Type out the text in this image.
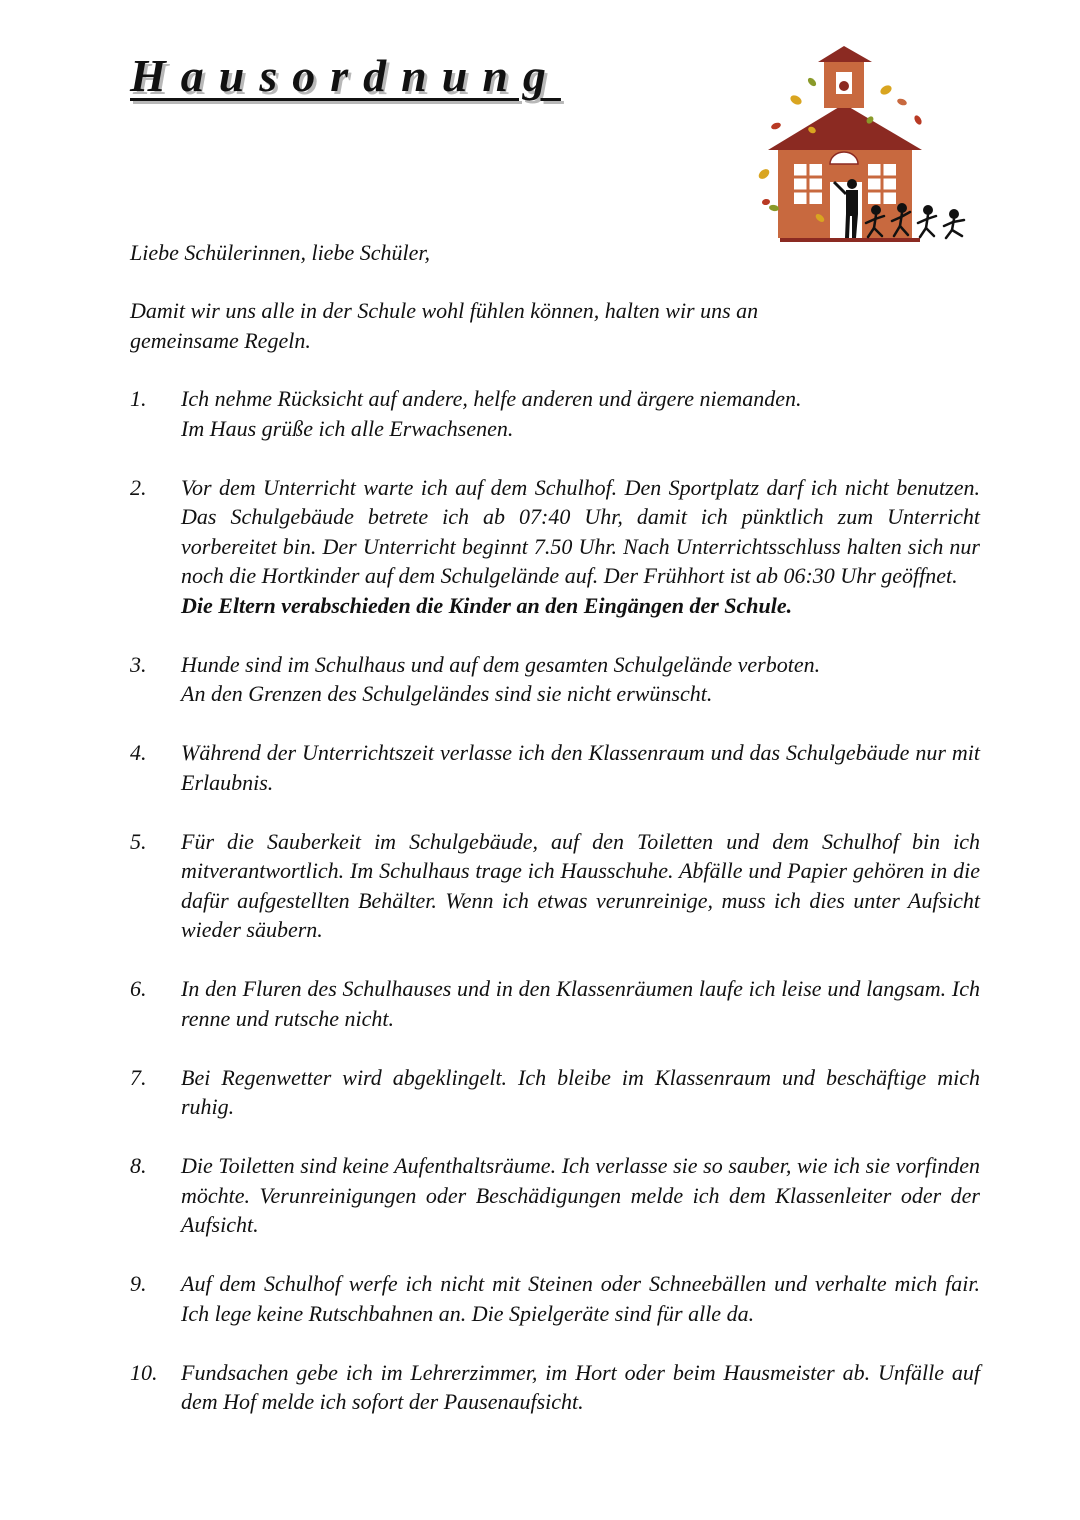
Hausordnung

Liebe Schülerinnen, liebe Schüler,

Damit wir uns alle in der Schule wohl fühlen können, halten wir uns an gemeinsame Regeln.

1.	Ich nehme Rücksicht auf andere, helfe anderen und ärgere niemanden.
Im Haus grüße ich alle Erwachsenen.
2.	Vor dem Unterricht warte ich auf dem Schulhof. Den Sportplatz darf ich nicht benutzen. Das Schulgebäude betrete ich ab 07:40 Uhr, damit ich pünktlich zum Unterricht vorbereitet bin. Der Unterricht beginnt 7.50 Uhr. Nach Unterrichtsschluss halten sich nur noch die Hortkinder auf dem Schulgelände auf. Der Frühhort ist ab 06:30 Uhr geöffnet.
Die Eltern verabschieden die Kinder an den Eingängen der Schule.
3.	Hunde sind im Schulhaus und auf dem gesamten Schulgelände verboten.
An den Grenzen des Schulgeländes sind sie nicht erwünscht.
4.	Während der Unterrichtszeit verlasse ich den Klassenraum und das Schulgebäude nur mit Erlaubnis.
5.	Für die Sauberkeit im Schulgebäude, auf den Toiletten und dem Schulhof bin ich mitverantwortlich. Im Schulhaus trage ich Hausschuhe. Abfälle und Papier gehören in die dafür aufgestellten Behälter. Wenn ich etwas verunreinige, muss ich dies unter Aufsicht wieder säubern.
6.	In den Fluren des Schulhauses und in den Klassenräumen laufe ich leise und langsam. Ich renne und rutsche nicht.
7.	Bei Regenwetter wird abgeklingelt. Ich bleibe im Klassenraum und beschäftige mich ruhig.
8.	Die Toiletten sind keine Aufenthaltsräume. Ich verlasse sie so sauber, wie ich sie vorfinden möchte. Verunreinigungen oder Beschädigungen melde ich dem Klassenleiter oder der Aufsicht.
9.	Auf dem Schulhof werfe ich nicht mit Steinen oder Schneebällen und verhalte mich fair. Ich lege keine Rutschbahnen an. Die Spielgeräte sind für alle da.
10.	Fundsachen gebe ich im Lehrerzimmer, im Hort oder beim Hausmeister ab. Unfälle auf dem Hof melde ich sofort der Pausenaufsicht.
